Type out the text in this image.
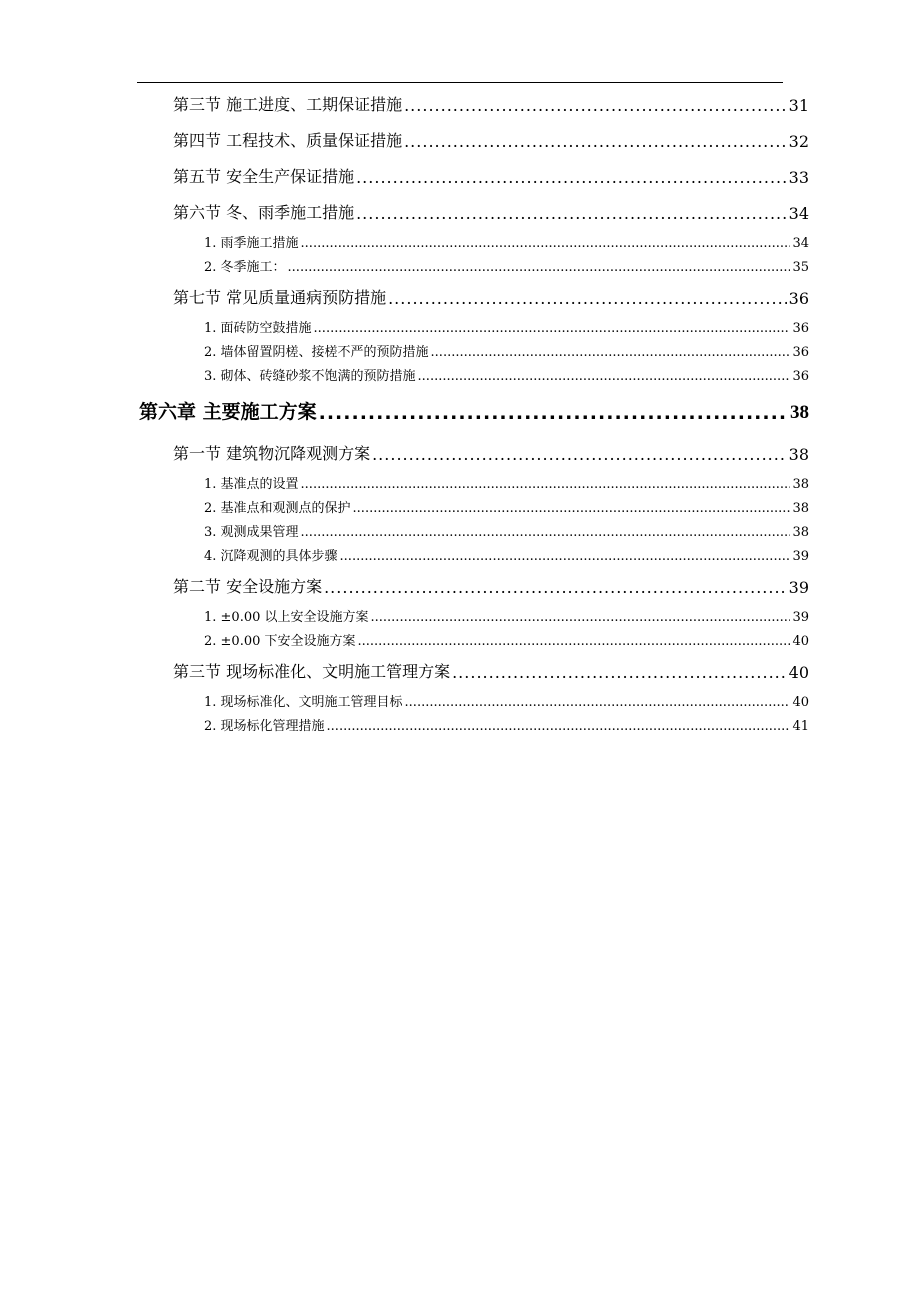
第三节 施工进度、工期保证措施 .....	31
第四节 工程技术、质量保证措施 .....	32
第五节 安全生产保证措施 .....	33
第六节 冬、雨季施工措施 .....	34
1. 雨季施工措施 .....	34
2. 冬季施工： .....	35
第七节 常见质量通病预防措施 .....	36
1. 面砖防空鼓措施 .....	36
2. 墙体留置阴槎、接槎不严的预防措施 .....	36
3. 砌体、砖缝砂浆不饱满的预防措施 .....	36
第六章 主要施工方案 .....	38
第一节 建筑物沉降观测方案 .....	38
1. 基准点的设置 .....	38
2. 基准点和观测点的保护 .....	38
3. 观测成果管理 .....	38
4. 沉降观测的具体步骤 .....	39
第二节 安全设施方案 .....	39
1. ±0.00 以上安全设施方案 .....	39
2. ±0.00 下安全设施方案 .....	40
第三节 现场标准化、文明施工管理方案 .....	40
1. 现场标准化、文明施工管理目标 .....	40
2. 现场标化管理措施 .....	41
